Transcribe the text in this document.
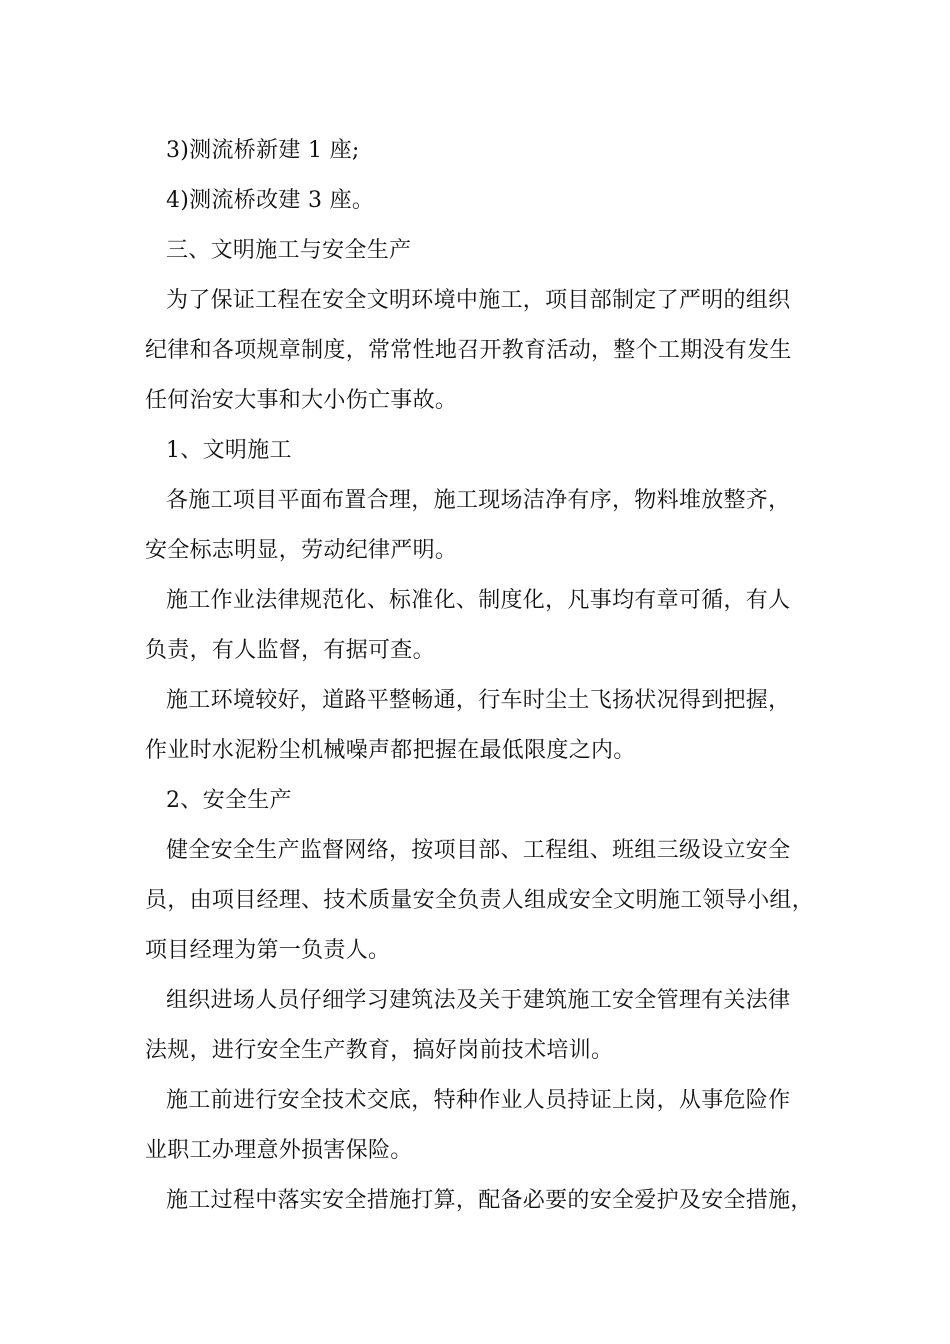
3)测流桥新建 1 座;
4)测流桥改建 3 座。
三、文明施工与安全生产
为了保证工程在安全文明环境中施工，项目部制定了严明的组织
纪律和各项规章制度，常常性地召开教育活动，整个工期没有发生
任何治安大事和大小伤亡事故。
1、文明施工
各施工项目平面布置合理，施工现场洁净有序，物料堆放整齐，
安全标志明显，劳动纪律严明。
施工作业法律规范化、标准化、制度化，凡事均有章可循，有人
负责，有人监督，有据可查。
施工环境较好，道路平整畅通，行车时尘土飞扬状况得到把握，
作业时水泥粉尘机械噪声都把握在最低限度之内。
2、安全生产
健全安全生产监督网络，按项目部、工程组、班组三级设立安全
员，由项目经理、技术质量安全负责人组成安全文明施工领导小组，
项目经理为第一负责人。
组织进场人员仔细学习建筑法及关于建筑施工安全管理有关法律
法规，进行安全生产教育，搞好岗前技术培训。
施工前进行安全技术交底，特种作业人员持证上岗，从事危险作
业职工办理意外损害保险。
施工过程中落实安全措施打算，配备必要的安全爱护及安全措施，
